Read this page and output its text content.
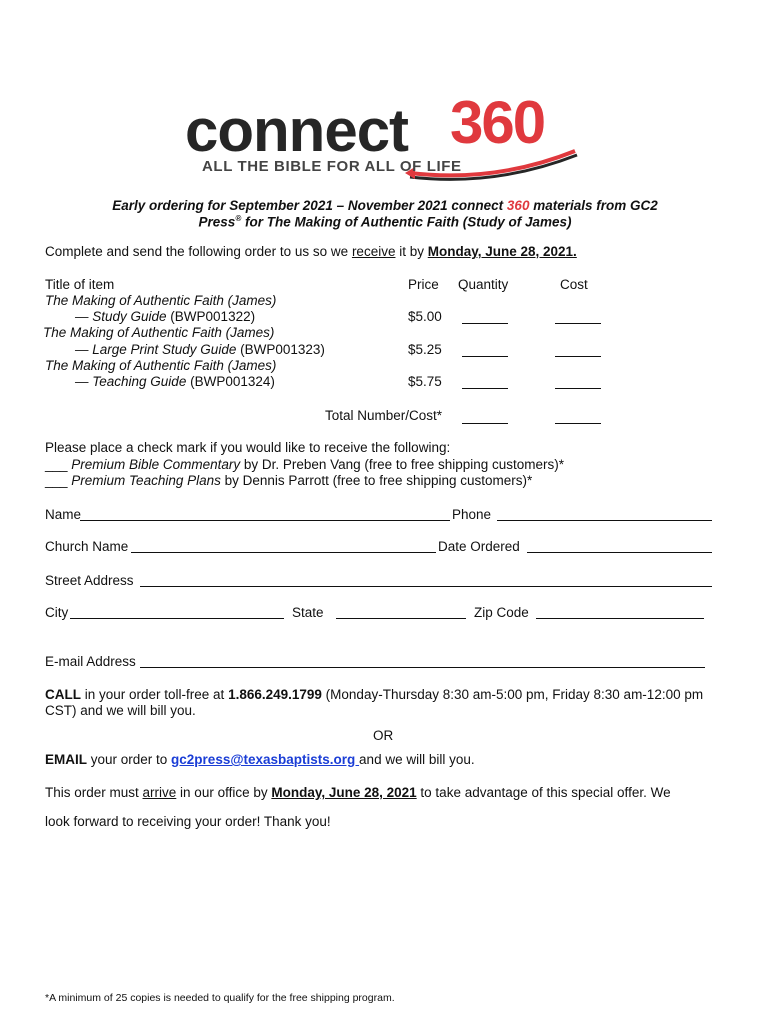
connect 360
ALL THE BIBLE FOR ALL OF LIFE
Early ordering for September 2021 – November 2021 connect 360 materials from GC2
Press® for The Making of Authentic Faith (Study of James)
Complete and send the following order to us so we receive it by Monday, June 28, 2021.
Title of item	Price Quantity	Cost
The Making of Authentic Faith (James)
— Study Guide (BWP001322)	$5.00
The Making of Authentic Faith (James)
— Large Print Study Guide (BWP001323)	$5.25
The Making of Authentic Faith (James)
— Teaching Guide (BWP001324)	$5.75
Total Number/Cost*
Please place a check mark if you would like to receive the following:
___ Premium Bible Commentary by Dr. Preben Vang (free to free shipping customers)*
___ Premium Teaching Plans by Dennis Parrott (free to free shipping customers)*
Name	Phone
Church Name	Date Ordered
Street Address
City	State	Zip Code
E-mail Address
CALL in your order toll-free at 1.866.249.1799 (Monday-Thursday 8:30 am-5:00 pm, Friday 8:30 am-12:00 pm
CST) and we will bill you.
OR
EMAIL your order to gc2press@texasbaptists.org and we will bill you.
This order must arrive in our office by Monday, June 28, 2021 to take advantage of this special offer. We
look forward to receiving your order! Thank you!
*A minimum of 25 copies is needed to qualify for the free shipping program.
